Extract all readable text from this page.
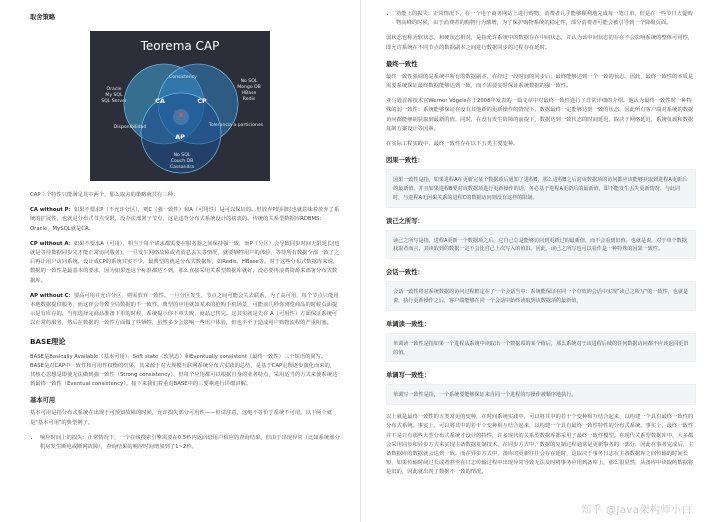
取舍策略
Teorema CAP
Consistency
Disponibilidad	Tolerancia a particiones
CA	CP
AP
X
Oracle
My SQL
SQL Server
No SQL
Mongo DB
HBase
Redis
No SQL
Couch DB
Cassandra
CAP三个特性只能满足其中两个，那么取舍的策略就共有三种：
CA without P：如果不要求P（不允许分区），则C（强一致性）和A（可用性）是可以保证的。但放弃P的同时也就意味着放弃了系统的扩展性，也就是分布式节点受限，没办法部署子节点，这是违背分布式系统设计的初衷的。传统的关系型数据库RDBMS：Oracle、MySQL就是CA。
CP without A：如果不要求A（可用），相当于每个请求都需要在服务器之间保持强一致，而P（分区）会导致同步时间无限延长(也就是等待数据同步完才能正常访问服务)，一旦发生网络故障或者消息丢失等情况，就要牺牲用户的体验，等待所有数据全部一致了之后再让用户访问系统。设计成CP的系统其实不少，最典型的就是分布式数据库，如Redis、HBase等。对于这些分布式数据库来说，数据的一致性是最基本的要求，因为如果连这个标准都达不到，那么直接采用关系型数据库就好，没必要再浪费资源来部署分布式数据库。
AP without C：要高可用并允许分区，则需放弃一致性。一旦分区发生，节点之间可能会失去联系，为了高可用，每个节点只能用本地数据提供服务，而这样会导致全局数据的不一致性。典型的应用就如某米的抢购手机场景，可能前几秒你浏览商品的时候页面提示是有库存的，当你选择完商品准备下单的时候，系统提示你下单失败，商品已售完。这其实就是先在 A（可用性）方面保证系统可以正常的服务，然后在数据的一致性方面做了些牺牲，虽然多少会影响一些用户体验，但也不至于造成用户购物流程的严重阻塞。
BASE理论
BASE是Basically Available（基本可用）、Soft state（软状态）和Eventually consistent（最终一致性）三个短语的简写。BASE是对CAP中一致性和可用性权衡的结果，其来源于对大规模互联网系统分布式实践的总结，是基于CAP定理逐步演化而来的，其核心思想是即使无法做到强一致性（Strong consistency），但每个应用都可以根据自身的业务特点，采用适当的方式来使系统达到最终一致性（Eventual consistency）。接下来我们着重对BASE中的三要素进行详细讲解。
基本可用
基本可用是指分布式系统在出现不可预知故障的时候，允许损失部分可用性——但请注意，这绝不等价于系统不可用。以下两个就是"基本可用"的典型例子。
• 响应时间上的损失：正常情况下，一个在线搜索引擎需要在0.5秒内返回给用户相应的查询结果，但由于出现异常（比如系统部分机房发生断电或断网故障），查询结果的响应时间增加到了1~2秒。
• 功能上的损失：正常情况下，在一个电子商务网站上进行购物，消费者几乎能够顺利地完成每一笔订单，但是在一些节日大促购物高峰的时候，由于消费者的购物行为激增，为了保护购物系统的稳定性，部分消费者可能会被引导到一个降级页面。
弱状态也称为软状态，和硬状态相对，是指允许系统中的数据存在中间状态，并认为该中间状态的存在不会影响系统的整体可用性，即允许系统在不同节点的数据副本之间进行数据同步的过程存在延时。
最终一致性
最终一致性强调的是系统中所有的数据副本，在经过一段时间的同步后，最终能够达到一个一致的状态。因此，最终一致性的本质是需要系统保证最终数据能够达到一致，而不需要实时保证系统数据的强一致性。
亚马逊首席技术官Werner Vogels在于2008年发表的一篇文章中对最终一致性进行了非常详细的介绍。他认为最终一致性时一种特殊的弱一致性：系统能够保证在没有其他新的更新操作的情况下，数据最终一定能够达到一致的状态，因此所有客户端对系统的数据访问都能够胡获取到最新的值。同时，在没有发生故障的前提下，数据达到一致状态的时间延迟，取决于网络延迟，系统负载和数据复制方案设计等因素。
在实际工程实践中，最终一致性存在以下五类主要变种。
因果一致性：
因果一致性是指，如果进程A在更新完某个数据项后通知了进程B，那么进程B之后对该数据项的访问都应该能够获取到进程A更新后的最新值，并且如果进程B要对该数据项进行更新操作的话，务必基于进程A更新后的最新值，即不能发生丢失更新情况。与此同时，与进程A无因果关系的进程C的数据访问则没有这样的限制。
读己之所写：
读己之所写是指，进程A更新一个数据项之后，它自己总是能够访问到更新过的最新值，而不会看到旧值。也就是说，对于单个数据获取者而言，其读取到的数据一定不会比自己上次写入的值旧。因此，读己之所写也可以看作是一种特殊的因果一致性。
会话一致性：
会话一致性将对系统数据的访问过程框定在了一个会话当中：系统能保证在同一个有效的会话中实现"读己之所写"的一致性，也就是说，执行更新操作之后，客户端能够在同一个会话中始终读取到该数据项的最新值。
单调读一致性：
单调读一致性是指如果一个进程从系统中读取出一个数据项的某个值后，那么系统对于该进程后续的任何数据访问都不应该返回更旧的值。
单调写一致性：
单调写一致性是指，一个系统要能够保证来自同一个进程的写操作被顺序地执行。
以上就是最终一致性的五类常见的变种，在时间系统实践中，可以将其中的若干个变种相互结合起来，以构建一个具有最终一致性的分布式系统。事实上，可以将其中的若干个变种相互结合起来，以构建一个具有最终一致性特性的分布式系统。事实上，最终一致性并不是只有那些大型分布式系统才设计的特性，许多现代的关系型数据库都采用了最终一致性模型。在现代关系型数据库中，大多都会采用同步和异步方式来实现主备数据复制技术。在同步方式中，数据的复制过程通常是更新事务的一部分，因此在事务完成后，主备数据库的数据就会达到一致。而在异步方式中，备库的更新往往会存在延时，这取决于事务日志在主备数据库之间传输的时间长短，如果传输时间过长或者甚至在日志传输过程中出现异常导致无法及时将事务应用到备库上，那么很显然，从备库中读取的数据将是旧的，因此就出现了数据不一致的情况。
知乎 @Java架构师小白
